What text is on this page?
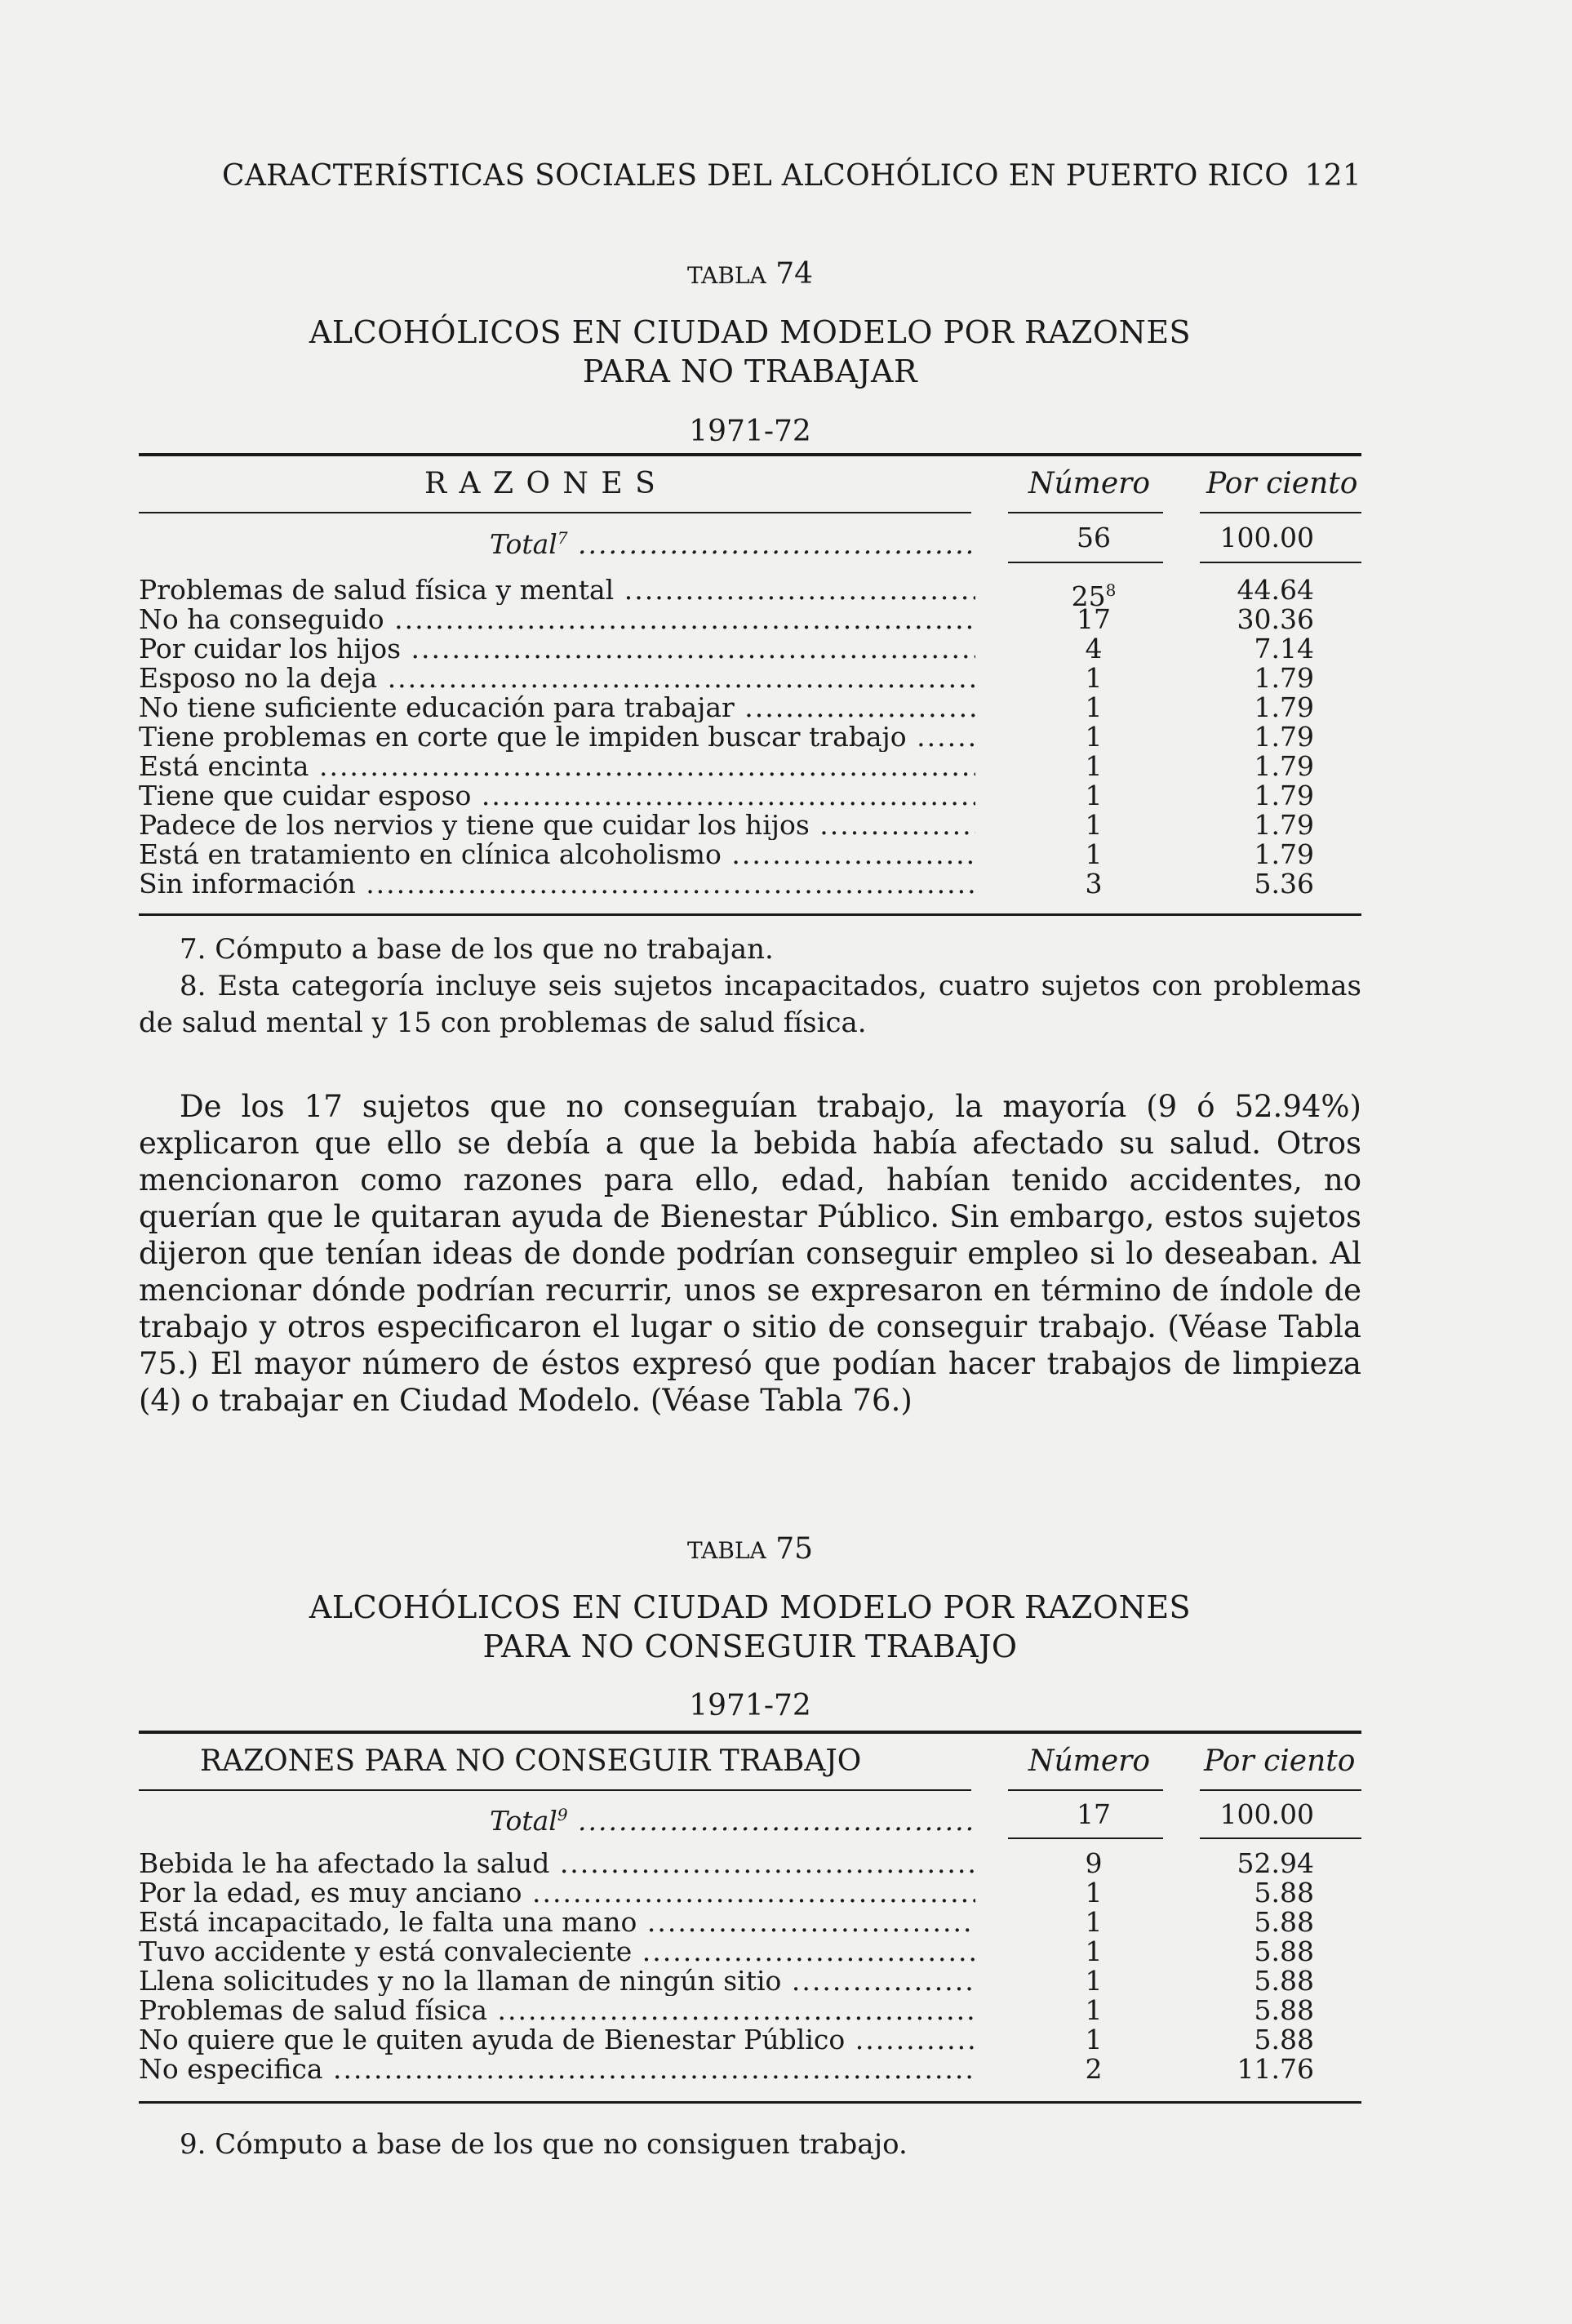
CARACTERÍSTICAS SOCIALES DEL ALCOHÓLICO EN PUERTO RICO 121
TABLA 74
ALCOHÓLICOS EN CIUDAD MODELO POR RAZONES
PARA NO TRABAJAR
1971-72
R A Z O N E S	Número Por ciento
Total$^7$ .....	56	100.00
Problemas de salud física y mental .....	$25^8$	44.64
No ha conseguido .....	17	30.36
Por cuidar los hijos .....	4	7.14
Esposo no la deja .....	1	1.79
No tiene suficiente educación para trabajar .....	1	1.79
Tiene problemas en corte que le impiden buscar trabajo .....	1	1.79
Está encinta .....	1	1.79
Tiene que cuidar esposo .....	1	1.79
Padece de los nervios y tiene que cuidar los hijos .....	1	1.79
Está en tratamiento en clínica alcoholismo .....	1	1.79
Sin información .....	3	5.36
7. Cómputo a base de los que no trabajan.
8. Esta categoría incluye seis sujetos incapacitados, cuatro sujetos con problemas de salud mental y 15 con problemas de salud física.
De los 17 sujetos que no conseguían trabajo, la mayoría (9 ó 52.94%) explicaron que ello se debía a que la bebida había afectado su salud. Otros mencionaron como razones para ello, edad, habían tenido accidentes, no querían que le quitaran ayuda de Bienestar Público. Sin embargo, estos sujetos dijeron que tenían ideas de donde podrían conseguir empleo si lo deseaban. Al mencionar dónde podrían recurrir, unos se expresaron en término de índole de trabajo y otros especificaron el lugar o sitio de conseguir trabajo. (Véase Tabla 75.) El mayor número de éstos expresó que podían hacer trabajos de limpieza (4) o trabajar en Ciudad Modelo. (Véase Tabla 76.)
TABLA 75
ALCOHÓLICOS EN CIUDAD MODELO POR RAZONES
PARA NO CONSEGUIR TRABAJO
1971-72
RAZONES PARA NO CONSEGUIR TRABAJO	Número Por ciento
Total$^9$ .....	17	100.00
Bebida le ha afectado la salud .....	9	52.94
Por la edad, es muy anciano .....	1	5.88
Está incapacitado, le falta una mano .....	1	5.88
Tuvo accidente y está convaleciente .....	1	5.88
Llena solicitudes y no la llaman de ningún sitio .....	1	5.88
Problemas de salud física .....	1	5.88
No quiere que le quiten ayuda de Bienestar Público .....	1	5.88
No especifica .....	2	11.76
9. Cómputo a base de los que no consiguen trabajo.
